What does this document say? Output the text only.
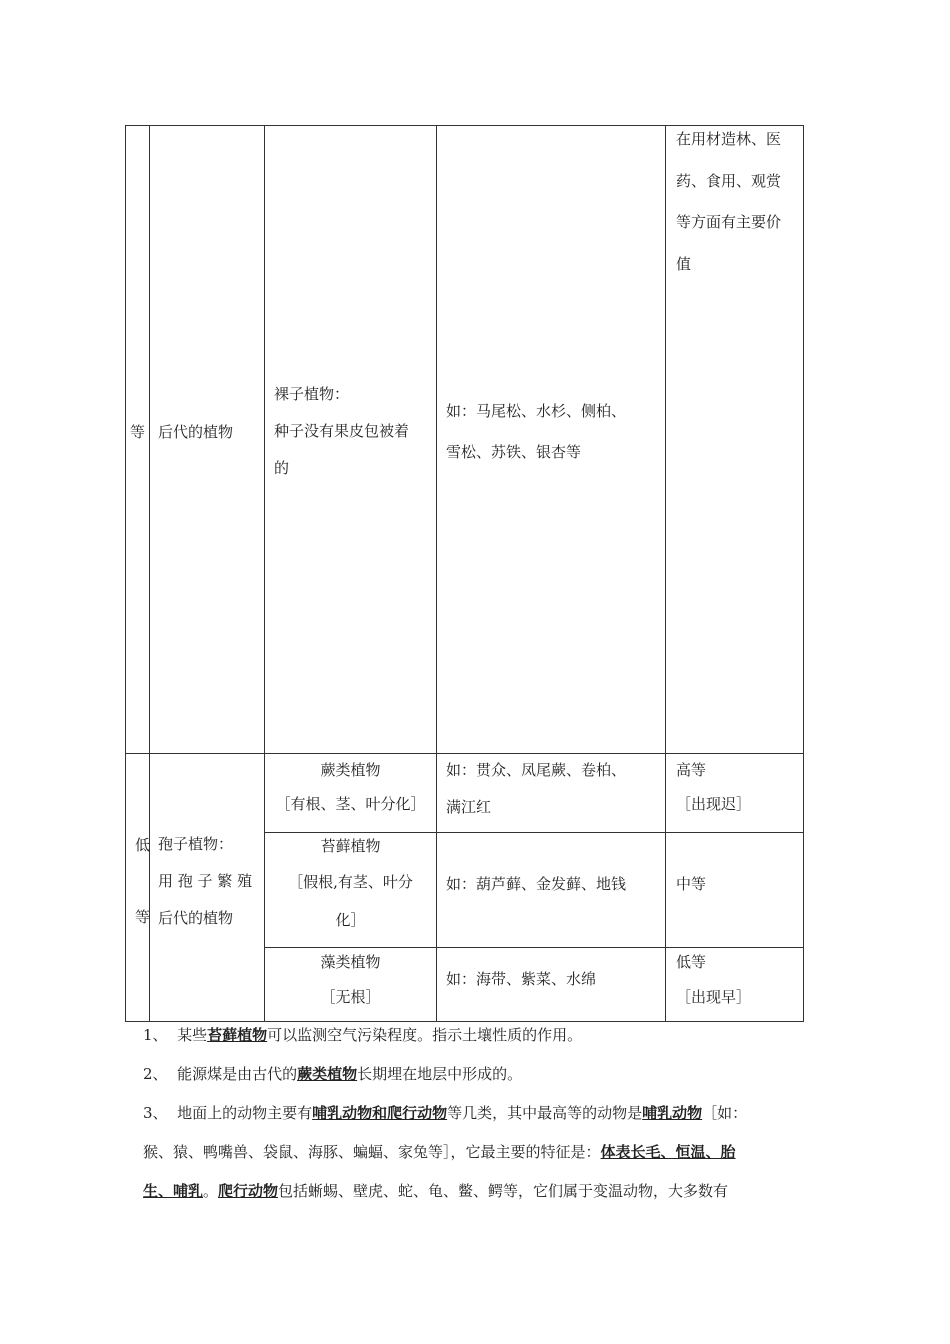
等 后代的植物
裸子植物：
种子没有果皮包被着
的
如：马尾松、水杉、侧柏、
雪松、苏铁、银杏等
在用材造林、医
药、食用、观赏
等方面有主要价
值
低
等
孢子植物：
用 孢 子 繁 殖
后代的植物
蕨类植物
［有根、茎、叶分化］
如：贯众、凤尾蕨、卷柏、
满江红
高等
［出现迟］
苔藓植物
［假根,有茎、叶分
化］
如：葫芦藓、金发藓、地钱	中等
藻类植物
［无根］
如：海带、紫菜、水绵
低等
［出现早］

1、 某些苔藓植物可以监测空气污染程度。指示土壤性质的作用。

2、 能源煤是由古代的蕨类植物长期埋在地层中形成的。

3、 地面上的动物主要有哺乳动物和爬行动物等几类，其中最高等的动物是哺乳动物［如：

猴、猿、鸭嘴兽、袋鼠、海豚、蝙蝠、家兔等］，它最主要的特征是：体表长毛、恒温、胎

生、哺乳。爬行动物包括蜥蜴、壁虎、蛇、龟、鳖、鳄等，它们属于变温动物，大多数有
